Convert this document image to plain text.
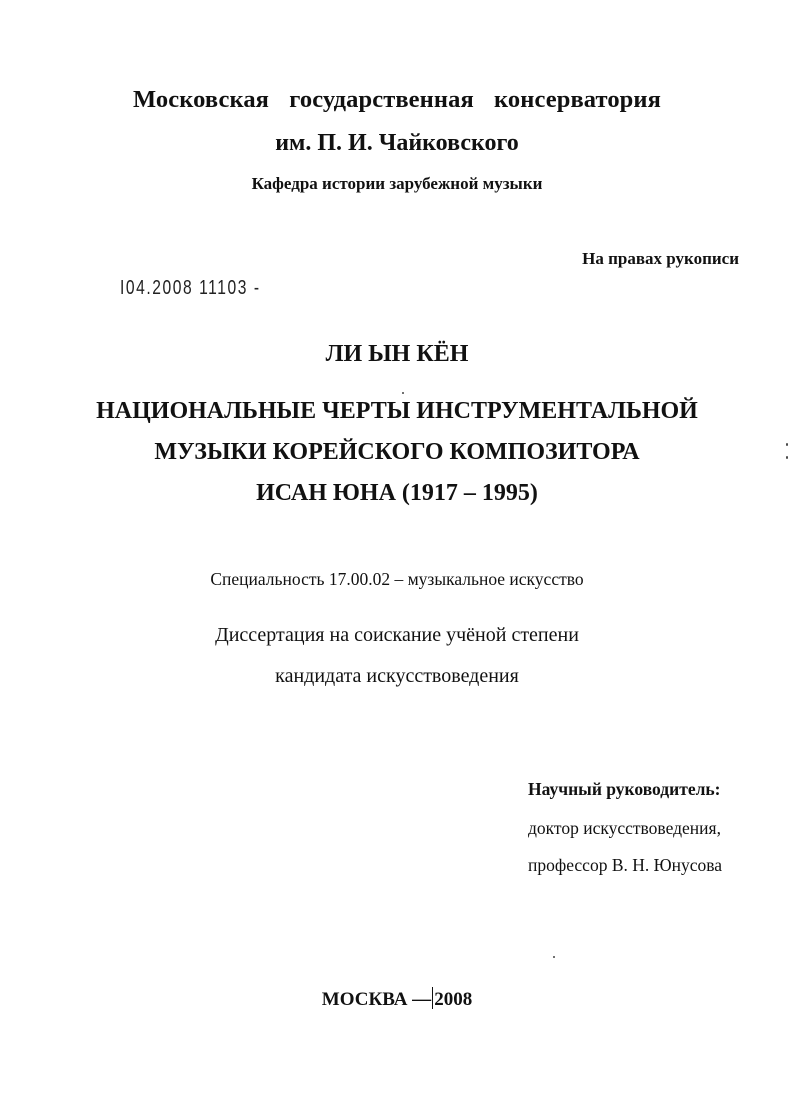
Московская государственная консерватория
им. П. И. Чайковского
Кафедра истории зарубежной музыки
На правах рукописи
I04.2008 11103 -
ЛИ ЫН КЁН
НАЦИОНАЛЬНЫЕ ЧЕРТЫ ИНСТРУМЕНТАЛЬНОЙ
МУЗЫКИ КОРЕЙСКОГО КОМПОЗИТОРА
ИСАН ЮНА (1917 – 1995)
Специальность 17.00.02 – музыкальное искусство
Диссертация на соискание учёной степени
кандидата искусствоведения
Научный руководитель:
доктор искусствоведения,
профессор В. Н. Юнусова
МОСКВА — 2008
